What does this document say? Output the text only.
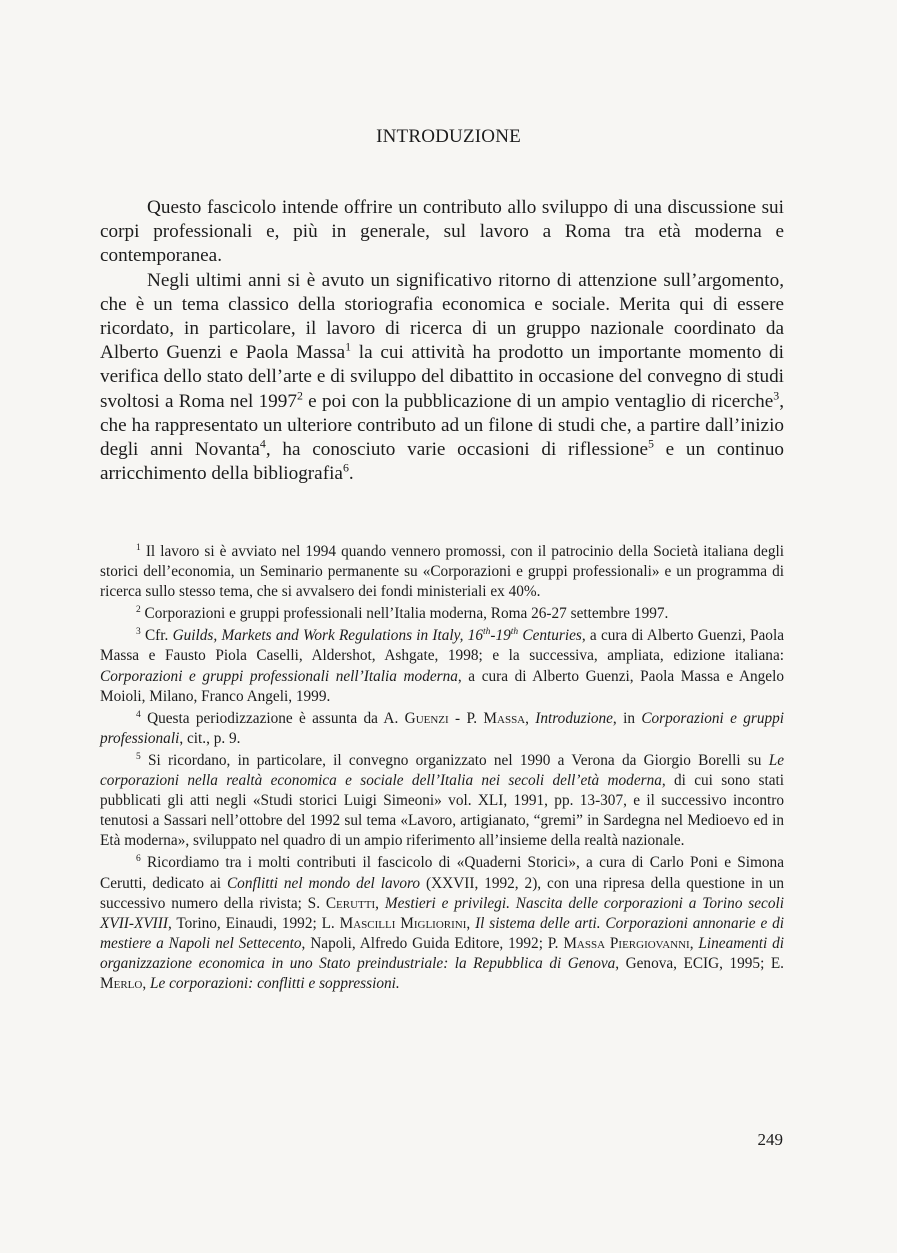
INTRODUZIONE

Questo fascicolo intende offrire un contributo allo sviluppo di una discussione sui corpi professionali e, più in generale, sul lavoro a Roma tra età moderna e contemporanea.

Negli ultimi anni si è avuto un significativo ritorno di attenzione sull’argomento, che è un tema classico della storiografia economica e sociale. Merita qui di essere ricordato, in particolare, il lavoro di ricerca di un gruppo nazionale coordinato da Alberto Guenzi e Paola Massa$^1$ la cui attività ha prodotto un importante momento di verifica dello stato dell’arte e di sviluppo del dibattito in occasione del convegno di studi svoltosi a Roma nel 1997$^2$ e poi con la pubblicazione di un ampio ventaglio di ricerche$^3$, che ha rappresentato un ulteriore contributo ad un filone di studi che, a partire dall’inizio degli anni Novanta$^4$, ha conosciuto varie occasioni di riflessione$^5$ e un continuo arricchimento della bibliografia$^6$.

$^1$ Il lavoro si è avviato nel 1994 quando vennero promossi, con il patrocinio della Società italiana degli storici dell’economia, un Seminario permanente su «Corporazioni e gruppi professionali» e un programma di ricerca sullo stesso tema, che si avvalsero dei fondi ministeriali ex 40%.

$^2$ Corporazioni e gruppi professionali nell’Italia moderna, Roma 26-27 settembre 1997.

$^3$ Cfr. Guilds, Markets and Work Regulations in Italy, 16th-19th Centuries, a cura di Alberto Guenzi, Paola Massa e Fausto Piola Caselli, Aldershot, Ashgate, 1998; e la successiva, ampliata, edizione italiana: Corporazioni e gruppi professionali nell’Italia moderna, a cura di Alberto Guenzi, Paola Massa e Angelo Moioli, Milano, Franco Angeli, 1999.

$^4$ Questa periodizzazione è assunta da A. Guenzi - P. Massa, Introduzione, in Corporazioni e gruppi professionali, cit., p. 9.

$^5$ Si ricordano, in particolare, il convegno organizzato nel 1990 a Verona da Giorgio Borelli su Le corporazioni nella realtà economica e sociale dell’Italia nei secoli dell’età moderna, di cui sono stati pubblicati gli atti negli «Studi storici Luigi Simeoni» vol. XLI, 1991, pp. 13-307, e il successivo incontro tenutosi a Sassari nell’ottobre del 1992 sul tema «Lavoro, artigianato, “gremi” in Sardegna nel Medioevo ed in Età moderna», sviluppato nel quadro di un ampio riferimento all’insieme della realtà nazionale.

$^6$ Ricordiamo tra i molti contributi il fascicolo di «Quaderni Storici», a cura di Carlo Poni e Simona Cerutti, dedicato ai Conflitti nel mondo del lavoro (XXVII, 1992, 2), con una ripresa della questione in un successivo numero della rivista; S. Cerutti, Mestieri e privilegi. Nascita delle corporazioni a Torino secoli XVII-XVIII, Torino, Einaudi, 1992; L. Mascilli Migliorini, Il sistema delle arti. Corporazioni annonarie e di mestiere a Napoli nel Settecento, Napoli, Alfredo Guida Editore, 1992; P. Massa Piergiovanni, Lineamenti di organizzazione economica in uno Stato preindustriale: la Repubblica di Genova, Genova, ECIG, 1995; E. Merlo, Le corporazioni: conflitti e soppressioni.

249
